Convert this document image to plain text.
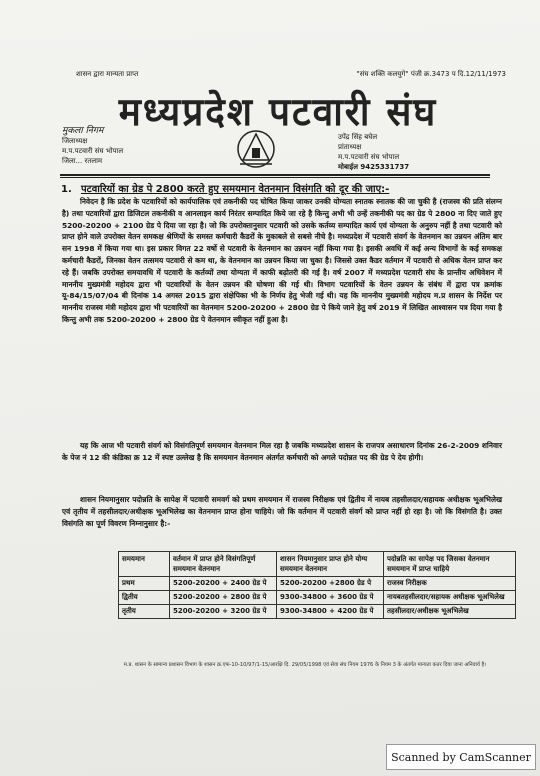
शासन द्वारा मान्यता प्राप्त	"संघ शक्ति कलयुगे" पंजी क्र.3473 प दि.12/11/1973
मध्यप्रदेश पटवारी संघ
मुकला निगम
जिलाध्यक्ष
म.प.पटवारी संघ भोपाल
जिला... रतलाम
उपेंद्र सिंह बघेल
प्रांताध्यक्ष
म.प.पटवारी संघ भोपाल
मोबाईल 9425331737
1. पटवारियों का ग्रेड पे 2800 करते हुए समयमान वेतनमान विसंगति को दूर की जाए:-

निवेदन है कि प्रदेश के पटवारियों को कार्यपालिक एवं तकनीकी पद घोषित किया जाकर उनकी योग्यता स्नातक स्नातक की जा चुकी है (राजस्व की प्रति संलग्न है) तथा पटवारियों द्वारा डिजिटल तकनीकी व आनलाइन कार्य निरंतर सम्पादित किये जा रहे है किन्तु अभी भी उन्हें तकनीकी पद का ग्रेड पे 2800 ना दिए जाते हुए 5200-20200 + 2100 ग्रेड पे दिया जा रहा है। जो कि उपरोक्तानुसार पटवारी को उसके कर्तव्य सम्पादित कार्य एवं योग्यता के अनुरुप नहीं है तथा पटवारी को प्राप्त होने वाले उपरोक्त वेतन समकक्ष श्रेणियों के समस्त कर्मचारी कैडरों के मुकाबले से सबसे नीचे है। मध्यप्रदेश में पटवारी संवर्ग के वेतनमान का उन्नयन अंतिम बार सन 1998 में किया गया था। इस प्रकार विगत 22 वर्षो से पटवारी के वेतनमान का उन्नयन नहीं किया गया है। इसकी अवधि में कई अन्य विभागों के कई समकक्ष कर्मचारी कैडरों, जिनका वेतन तत्समय पटवारी से कम था, के वेतनमान का उन्नयन किया जा चुका है। जिससे उक्त कैडर वर्तमान में पटवारी से अधिक वेतन प्राप्त कर रहे हैं। जबकि उपरोक्त समयावधि में पटवारी के कर्तव्यों तथा योग्यता में काफी बढ़ोतरी की गई है। वर्ष 2007 में मध्यप्रदेश पटवारी संघ के प्रान्तीय अधिवेशन में माननीय मुख्यमंत्री महोदय द्वारा भी पटवारियों के वेतन उन्नयन की घोषणा की गई थी। विभाग पटवारियों के वेतन उन्नयन के संबंध में द्वारा पत्र क्रमांक यू-84/15/07/04 बी दिनांक 14 अगस्त 2015 द्वारा संक्षेपिका भी के निर्णय हेतु भेजी गई थी। यह कि माननीय मुख्यमंत्री महोदय म.प्र शासन के निर्देश पर माननीय राजस्व मंत्री महोदय द्वारा भी पटवारियों का वेतनमान 5200-20200 + 2800 ग्रेड पे किये जाने हेतु वर्ष 2019 में लिखित आश्वासन पत्र दिया गया है किन्तु अभी तक 5200-20200 + 2800 ग्रेड पे वेतनमान स्वीकृत नहीं हुआ है।

यह कि आज भी पटवारी संवर्ग को विसंगतिपूर्ण समयमान वेतनमान मिल रहा है जबकि मध्यप्रदेश शासन के राजपत्र असाधारण दिनांक 26-2-2009 शनिवार के पेज नं 12 की कंडिका क्र 12 में स्पष्ट उल्लेख है कि समयमान वेतनमान अंतर्गत कर्मचारी को अगले पदोन्नत पद की ग्रेड पे देय होगी।

शासन नियमानुसार पदोन्नति के सापेक्ष में पटवारी समवर्ग को प्रथम समयमान में राजस्व निरीक्षक एवं द्वितीय में नायब तहसीलदार/सहायक अधीक्षक भूअभिलेख एवं तृतीय में तहसीलदार/अधीक्षक भूअभिलेख का वेतनमान प्राप्त होना चाहिये। जो कि वर्तमान में पटवारी संवर्ग को प्राप्त नहीं हो रहा है। जो कि विसंगति है। उक्त विसंगति का पूर्ण विवरण निम्नानुसार है:-

समयमान	वर्तमान में प्राप्त होने विसंगतिपूर्ण समयमान वेतनमान	शासन नियमानुसार प्राप्त होने योग्य समयमान वेतनमान	पदोन्नति का सापेक्ष पद जिसका वेतनमान समयमान में प्राप्त चाहिये
प्रथम	5200-20200 + 2400 ग्रेड पे	5200-20200 +2800 ग्रेड पे	राजस्व निरीक्षक
द्वितीय	5200-20200 + 2800 ग्रेड पे	9300-34800 + 3600 ग्रेड पे	नायबतहसीलदार/सहायक अधीक्षक भूअभिलेख
तृतीय	5200-20200 + 3200 ग्रेड पे	9300-34800 + 4200 ग्रेड पे	तहसीलदार/अधीक्षक भूअभिलेख
म.प्र. शासन के सामान्य प्रशासन विभाग के शासन क्र.एफ-10-10/97/1-15/आरक्षि दि. 29/05/1998 एवं सेवा संघ नियम 1976 के नियम 3 के अंतर्गत मान्यता कतर दिया जाना अनिवार्य है।
Scanned by CamScanner
